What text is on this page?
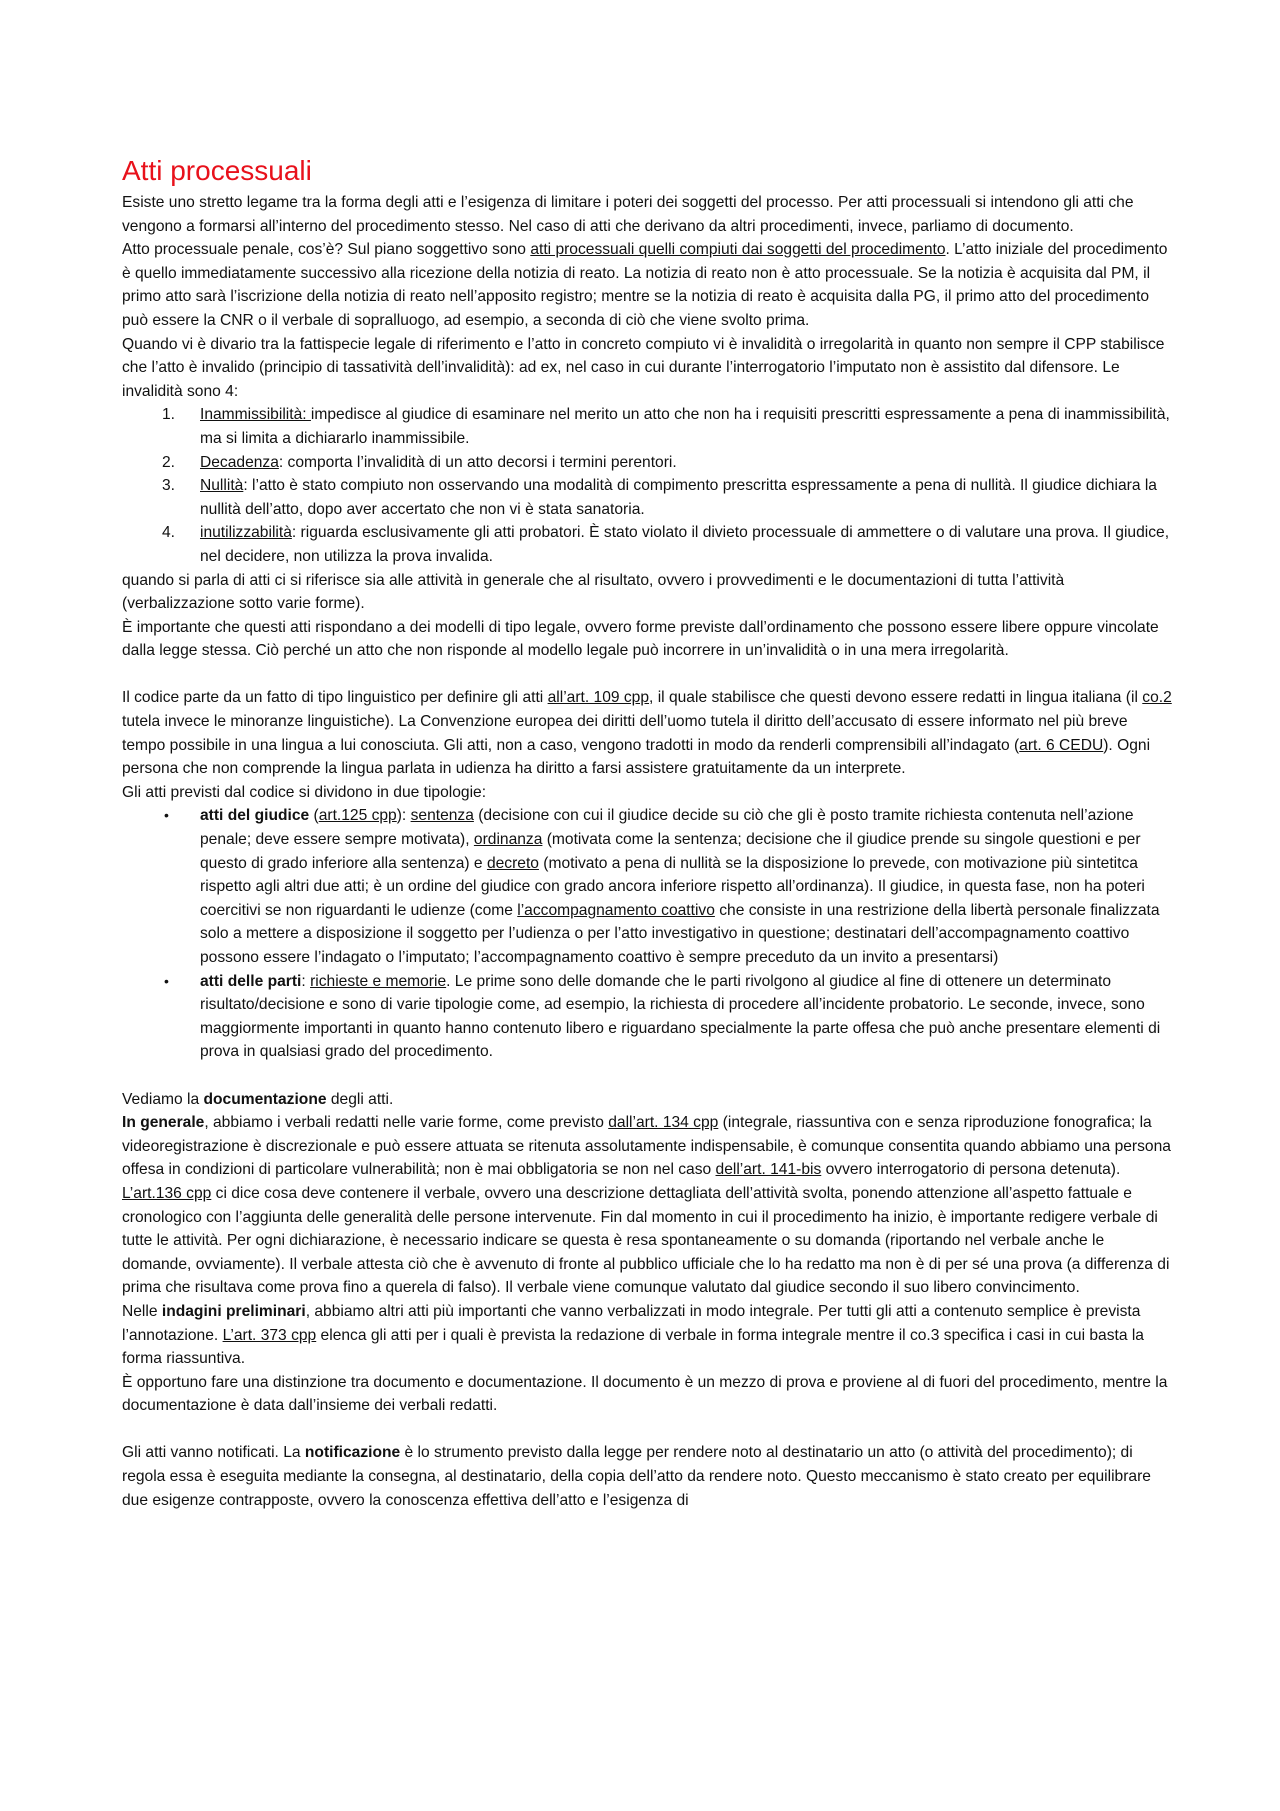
Atti processuali

Esiste uno stretto legame tra la forma degli atti e l’esigenza di limitare i poteri dei soggetti del processo. Per atti processuali si intendono gli atti che vengono a formarsi all’interno del procedimento stesso. Nel caso di atti che derivano da altri procedimenti, invece, parliamo di documento.

Atto processuale penale, cos’è? Sul piano soggettivo sono atti processuali quelli compiuti dai soggetti del procedimento. L’atto iniziale del procedimento è quello immediatamente successivo alla ricezione della notizia di reato. La notizia di reato non è atto processuale. Se la notizia è acquisita dal PM, il primo atto sarà l’iscrizione della notizia di reato nell’apposito registro; mentre se la notizia di reato è acquisita dalla PG, il primo atto del procedimento può essere la CNR o il verbale di sopralluogo, ad esempio, a seconda di ciò che viene svolto prima.

Quando vi è divario tra la fattispecie legale di riferimento e l’atto in concreto compiuto vi è invalidità o irregolarità in quanto non sempre il CPP stabilisce che l’atto è invalido (principio di tassatività dell’invalidità): ad ex, nel caso in cui durante l’interrogatorio l’imputato non è assistito dal difensore. Le invalidità sono 4:

1. Inammissibilità: impedisce al giudice di esaminare nel merito un atto che non ha i requisiti prescritti espressamente a pena di inammissibilità, ma si limita a dichiararlo inammissibile.
2. Decadenza: comporta l’invalidità di un atto decorsi i termini perentori.
3. Nullità: l’atto è stato compiuto non osservando una modalità di compimento prescritta espressamente a pena di nullità. Il giudice dichiara la nullità dell’atto, dopo aver accertato che non vi è stata sanatoria.
4. inutilizzabilità: riguarda esclusivamente gli atti probatori. È stato violato il divieto processuale di ammettere o di valutare una prova. Il giudice, nel decidere, non utilizza la prova invalida.

quando si parla di atti ci si riferisce sia alle attività in generale che al risultato, ovvero i provvedimenti e le documentazioni di tutta l’attività (verbalizzazione sotto varie forme).

È importante che questi atti rispondano a dei modelli di tipo legale, ovvero forme previste dall’ordinamento che possono essere libere oppure vincolate dalla legge stessa. Ciò perché un atto che non risponde al modello legale può incorrere in un’invalidità o in una mera irregolarità.

Il codice parte da un fatto di tipo linguistico per definire gli atti all’art. 109 cpp, il quale stabilisce che questi devono essere redatti in lingua italiana (il co.2 tutela invece le minoranze linguistiche). La Convenzione europea dei diritti dell’uomo tutela il diritto dell’accusato di essere informato nel più breve tempo possibile in una lingua a lui conosciuta. Gli atti, non a caso, vengono tradotti in modo da renderli comprensibili all’indagato (art. 6 CEDU). Ogni persona che non comprende la lingua parlata in udienza ha diritto a farsi assistere gratuitamente da un interprete.

Gli atti previsti dal codice si dividono in due tipologie:

• atti del giudice (art.125 cpp): sentenza (decisione con cui il giudice decide su ciò che gli è posto tramite richiesta contenuta nell’azione penale; deve essere sempre motivata), ordinanza (motivata come la sentenza; decisione che il giudice prende su singole questioni e per questo di grado inferiore alla sentenza) e decreto (motivato a pena di nullità se la disposizione lo prevede, con motivazione più sintetitca rispetto agli altri due atti; è un ordine del giudice con grado ancora inferiore rispetto all’ordinanza). Il giudice, in questa fase, non ha poteri coercitivi se non riguardanti le udienze (come l’accompagnamento coattivo che consiste in una restrizione della libertà personale finalizzata solo a mettere a disposizione il soggetto per l’udienza o per l’atto investigativo in questione; destinatari dell’accompagnamento coattivo possono essere l’indagato o l’imputato; l’accompagnamento coattivo è sempre preceduto da un invito a presentarsi)
• atti delle parti: richieste e memorie. Le prime sono delle domande che le parti rivolgono al giudice al fine di ottenere un determinato risultato/decisione e sono di varie tipologie come, ad esempio, la richiesta di procedere all’incidente probatorio. Le seconde, invece, sono maggiormente importanti in quanto hanno contenuto libero e riguardano specialmente la parte offesa che può anche presentare elementi di prova in qualsiasi grado del procedimento.

Vediamo la documentazione degli atti.

In generale, abbiamo i verbali redatti nelle varie forme, come previsto dall’art. 134 cpp (integrale, riassuntiva con e senza riproduzione fonografica; la videoregistrazione è discrezionale e può essere attuata se ritenuta assolutamente indispensabile, è comunque consentita quando abbiamo una persona offesa in condizioni di particolare vulnerabilità; non è mai obbligatoria se non nel caso dell’art. 141-bis ovvero interrogatorio di persona detenuta). L’art.136 cpp ci dice cosa deve contenere il verbale, ovvero una descrizione dettagliata dell’attività svolta, ponendo attenzione all’aspetto fattuale e cronologico con l’aggiunta delle generalità delle persone intervenute. Fin dal momento in cui il procedimento ha inizio, è importante redigere verbale di tutte le attività. Per ogni dichiarazione, è necessario indicare se questa è resa spontaneamente o su domanda (riportando nel verbale anche le domande, ovviamente). Il verbale attesta ciò che è avvenuto di fronte al pubblico ufficiale che lo ha redatto ma non è di per sé una prova (a differenza di prima che risultava come prova fino a querela di falso). Il verbale viene comunque valutato dal giudice secondo il suo libero convincimento.

Nelle indagini preliminari, abbiamo altri atti più importanti che vanno verbalizzati in modo integrale. Per tutti gli atti a contenuto semplice è prevista l’annotazione. L’art. 373 cpp elenca gli atti per i quali è prevista la redazione di verbale in forma integrale mentre il co.3 specifica i casi in cui basta la forma riassuntiva.

È opportuno fare una distinzione tra documento e documentazione. Il documento è un mezzo di prova e proviene al di fuori del procedimento, mentre la documentazione è data dall’insieme dei verbali redatti.

Gli atti vanno notificati. La notificazione è lo strumento previsto dalla legge per rendere noto al destinatario un atto (o attività del procedimento); di regola essa è eseguita mediante la consegna, al destinatario, della copia dell’atto da rendere noto. Questo meccanismo è stato creato per equilibrare due esigenze contrapposte, ovvero la conoscenza effettiva dell’atto e l’esigenza di
